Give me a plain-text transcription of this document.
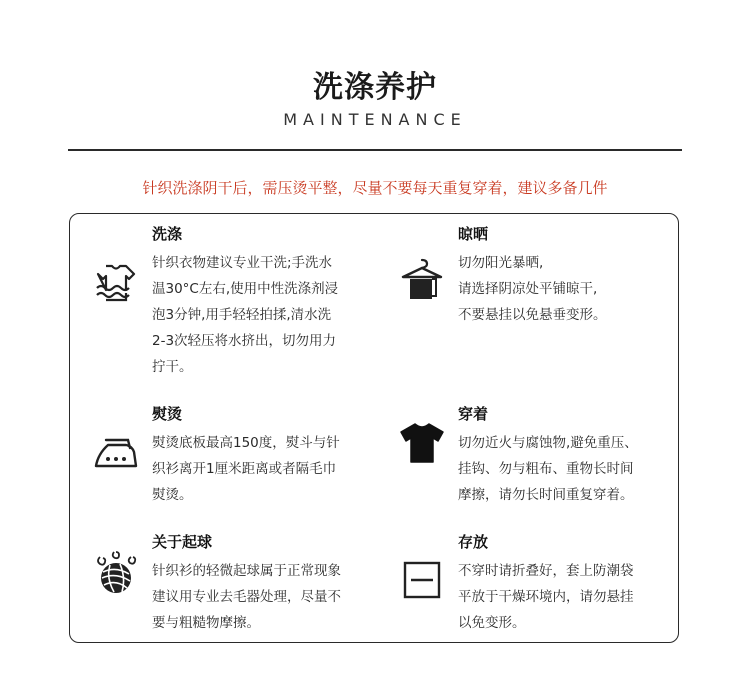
洗涤养护
MAINTENANCE
针织洗涤阴干后，需压烫平整，尽量不要每天重复穿着，建议多备几件
洗涤

针织衣物建议专业干洗;手洗水
温30°C左右,使用中性洗涤剂浸
泡3分钟,用手轻轻拍揉,清水洗
2-3次轻压将水挤出，切勿用力
拧干。

晾晒

切勿阳光暴晒,
请选择阴凉处平铺晾干,
不要悬挂以免悬垂变形。

熨烫

熨烫底板最高150度，熨斗与针
织衫离开1厘米距离或者隔毛巾
熨烫。

穿着

切勿近火与腐蚀物,避免重压、
挂钩、勿与粗布、重物长时间
摩擦，请勿长时间重复穿着。

关于起球

针织衫的轻微起球属于正常现象
建议用专业去毛器处理，尽量不
要与粗糙物摩擦。

存放

不穿时请折叠好，套上防潮袋
平放于干燥环境内，请勿悬挂
以免变形。
